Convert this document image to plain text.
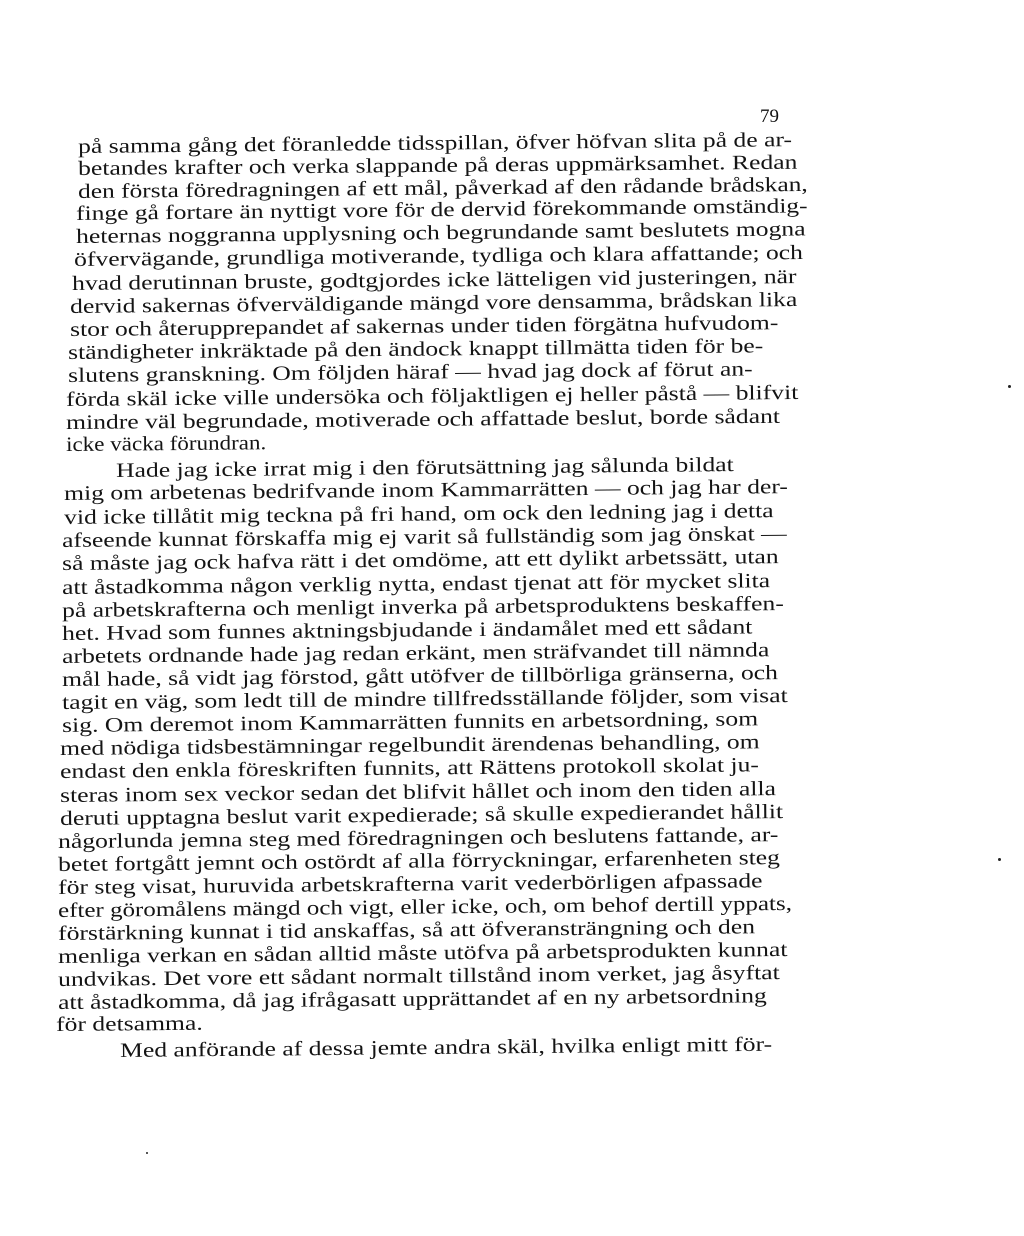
79
på samma gång det föranledde tidsspillan, öfver höfvan slita på de ar-
betandes krafter och verka slappande på deras uppmärksamhet. Redan
den första föredragningen af ett mål, påverkad af den rådande brådskan,
finge gå fortare än nyttigt vore för de dervid förekommande omständig-
heternas noggranna upplysning och begrundande samt beslutets mogna
öfvervägande, grundliga motiverande, tydliga och klara affattande; och
hvad derutinnan brustе, godtgjordes icke lätteligen vid justeringen, när
dervid sakernas öfverväldigande mängd vore densamma, brådskan lika
stor och återupprepandet af sakernas under tiden förgätna hufvudom-
ständigheter inkräktade på den ändock knappt tillmätta tiden för be-
slutens granskning. Om följden häraf — hvad jag dock af förut an-
förda skäl icke ville undersöka och följaktligen ej heller påstå — blifvit
mindre väl begrundade, motiverade och affattade beslut, borde sådant
icke väcka förundran.
Hade jag icke irrat mig i den förutsättning jag sålunda bildat
mig om arbetenas bedrifvande inom Kammarrätten — och jag har der-
vid icke tillåtit mig teckna på fri hand, om ock den ledning jag i detta
afseende kunnat förskaffa mig ej varit så fullständig som jag önskat —
så måste jag ock hafva rätt i det omdöme, att ett dylikt arbetssätt, utan
att åstadkomma någon verklig nytta, endast tjenat att för mycket slita
på arbetskrafterna och menligt inverka på arbetsproduktens beskaffen-
het. Hvad som funnes aktningsbjudande i ändamålet med ett sådant
arbetets ordnande hade jag redan erkänt, men sträfvandet till nämnda
mål hade, så vidt jag förstod, gått utöfver de tillbörliga gränserna, och
tagit en väg, som ledt till de mindre tillfredsställande följder, som visat
sig. Om deremot inom Kammarrätten funnits en arbetsordning, som
med nödiga tidsbestämningar regelbundit ärendenas behandling, om
endast den enkla föreskriften funnits, att Rättens protokoll skolat ju-
steras inom sex veckor sedan det blifvit hållet och inom den tiden alla
deruti upptagna beslut varit expedierade; så skulle expedierandet hållit
någorlunda jemna steg med föredragningen och beslutens fattande, ar-
betet fortgått jemnt och ostördt af alla förryckningar, erfarenheten steg
för steg visat, huruvida arbetskrafterna varit vederbörligen afpassade
efter göromålens mängd och vigt, eller icke, och, om behof dertill yppats,
förstärkning kunnat i tid anskaffas, så att öfveransträngning och den
menliga verkan en sådan alltid måste utöfva på arbetsprodukten kunnat
undvikas. Det vore ett sådant normalt tillstånd inom verket, jag åsyftat
att åstadkomma, då jag ifrågasatt upprättandet af en ny arbetsordning
för detsamma.
Med anförande af dessa jemte andra skäl, hvilka enligt mitt för-
